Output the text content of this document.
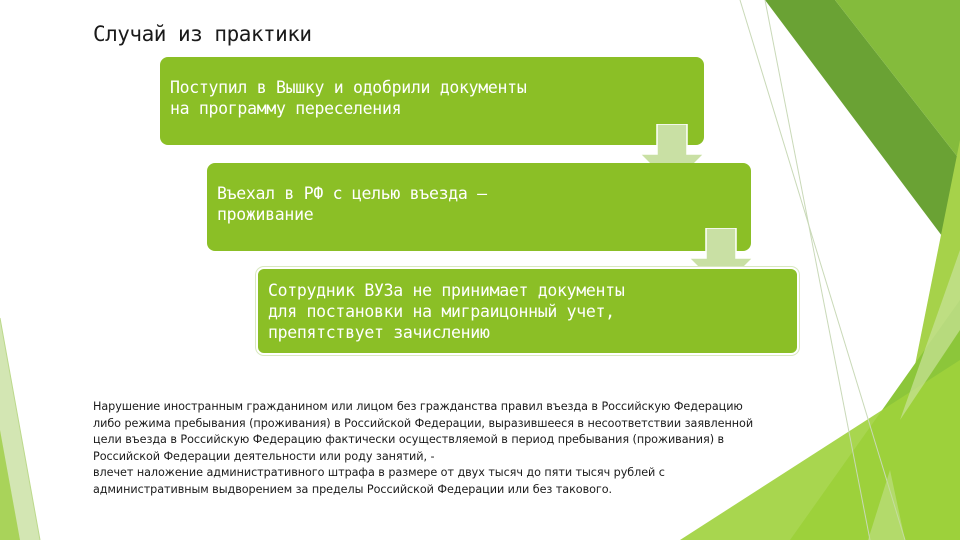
Случай из практики
Поступил в Вышку и одобрили документы
на программу переселения
Въехал в РФ с целью въезда –
проживание
Сотрудник ВУЗа не принимает документы
для постановки на миграицонный учет,
препятствует зачислению
Нарушение иностранным гражданином или лицом без гражданства правил въезда в Российскую Федерацию
либо режима пребывания (проживания) в Российской Федерации, выразившееся в несоответствии заявленной
цели въезда в Российскую Федерацию фактически осуществляемой в период пребывания (проживания) в
Российской Федерации деятельности или роду занятий, -
влечет наложение административного штрафа в размере от двух тысяч до пяти тысяч рублей с
административным выдворением за пределы Российской Федерации или без такового.
